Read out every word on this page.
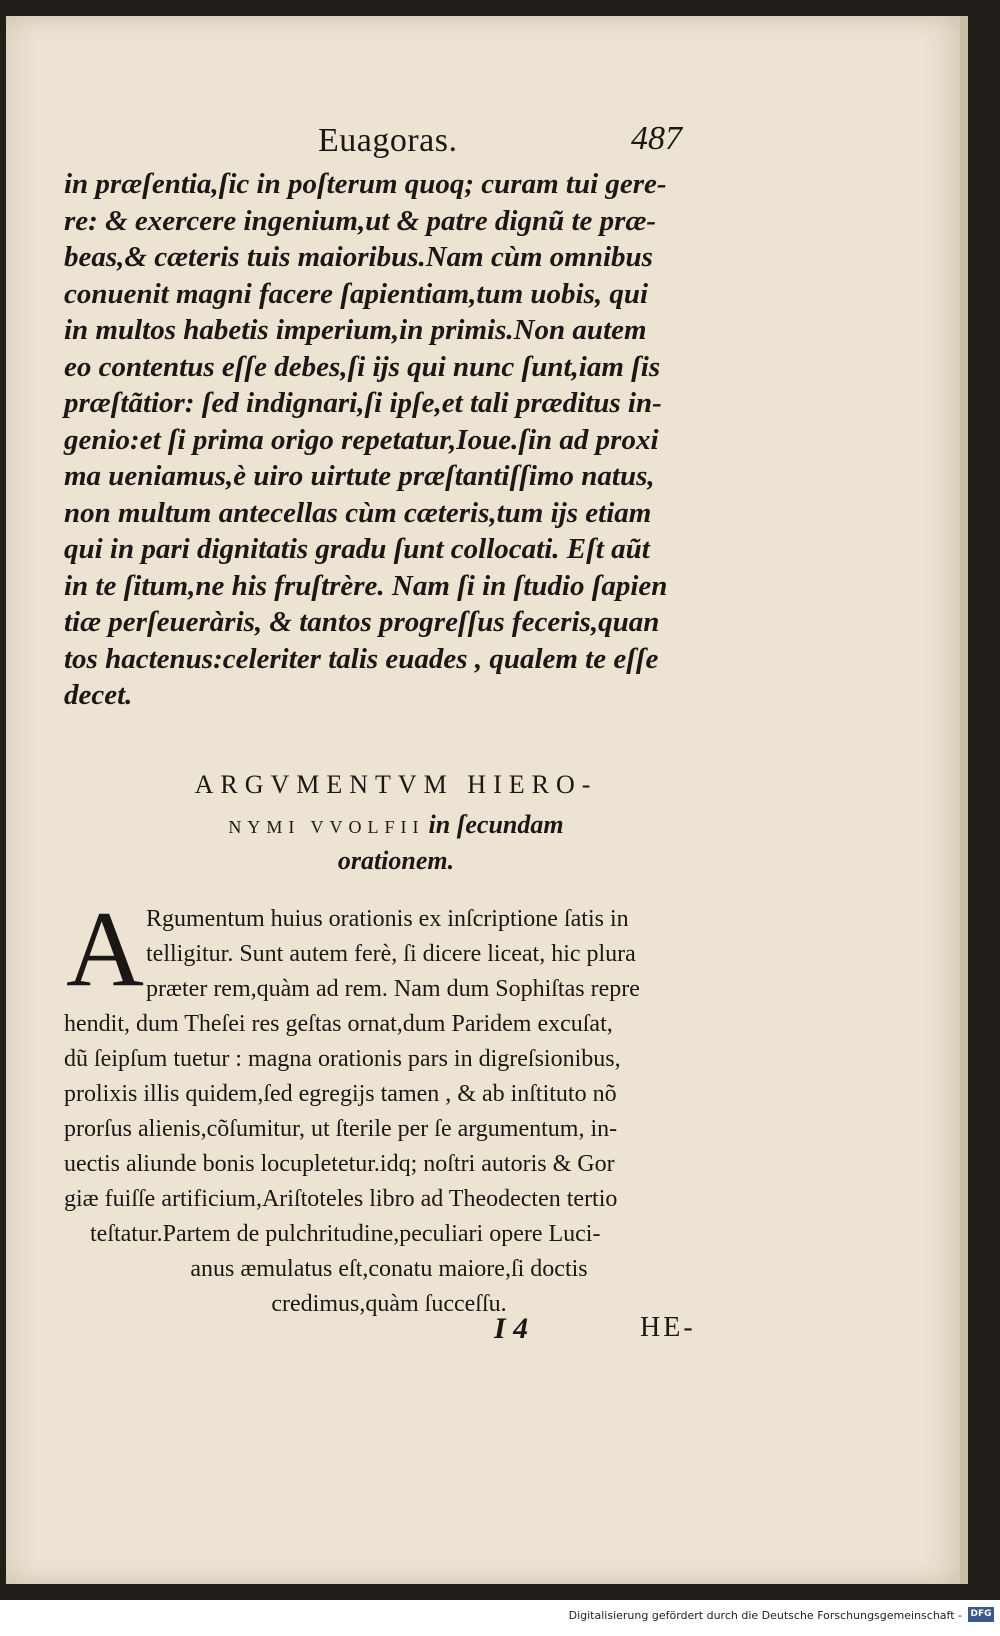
Euagoras.	487
in præſentia,ſic in poſterum quoq; curam tui gere-
re: & exercere ingenium,ut & patre dignũ te præ-
beas,& cæteris tuis maioribus.Nam cùm omnibus
conuenit magni facere ſapientiam,tum uobis, qui
in multos habetis imperium,in primis.Non autem
eo contentus eſſe debes,ſi ijs qui nunc ſunt,iam ſis
præſtãtior: ſed indignari,ſi ipſe,et tali præditus in-
genio:et ſi prima origo repetatur,Ioue.ſin ad proxi
ma ueniamus,è uiro uirtute præſtantiſſimo natus,
non multum antecellas cùm cæteris,tum ijs etiam
qui in pari dignitatis gradu ſunt collocati. Eſt aũt
in te ſitum,ne his fruſtrère. Nam ſi in ſtudio ſapien
tiæ perſeueràris, & tantos progreſſus feceris,quan
tos hactenus:celeriter talis euades , qualem te eſſe
decet.
ARGVMENTVM HIERO-
NYMI VVOLFII in ſecundam
orationem.
A Rgumentum huius orationis ex inſcriptione ſatis in
telligitur. Sunt autem ferè, ſi dicere liceat, hic plura
præter rem,quàm ad rem. Nam dum Sophiſtas repre
hendit, dum Theſei res geſtas ornat,dum Paridem excuſat,
dũ ſeipſum tuetur : magna orationis pars in digreſsionibus,
prolixis illis quidem,ſed egregijs tamen , & ab inſtituto nõ
prorſus alienis,cõſumitur, ut ſterile per ſe argumentum, in-
uectis aliunde bonis locupletetur.idq; noſtri autoris & Gor
giæ fuiſſe artificium,Ariſtoteles libro ad Theodecten tertio
teſtatur.Partem de pulchritudine,peculiari opere Luci-
anus æmulatus eſt,conatu maiore,ſi doctis
credimus,quàm ſucceſſu.
I 4	HE-
Digitalisierung gefördert durch die Deutsche Forschungsgemeinschaft - DFG
